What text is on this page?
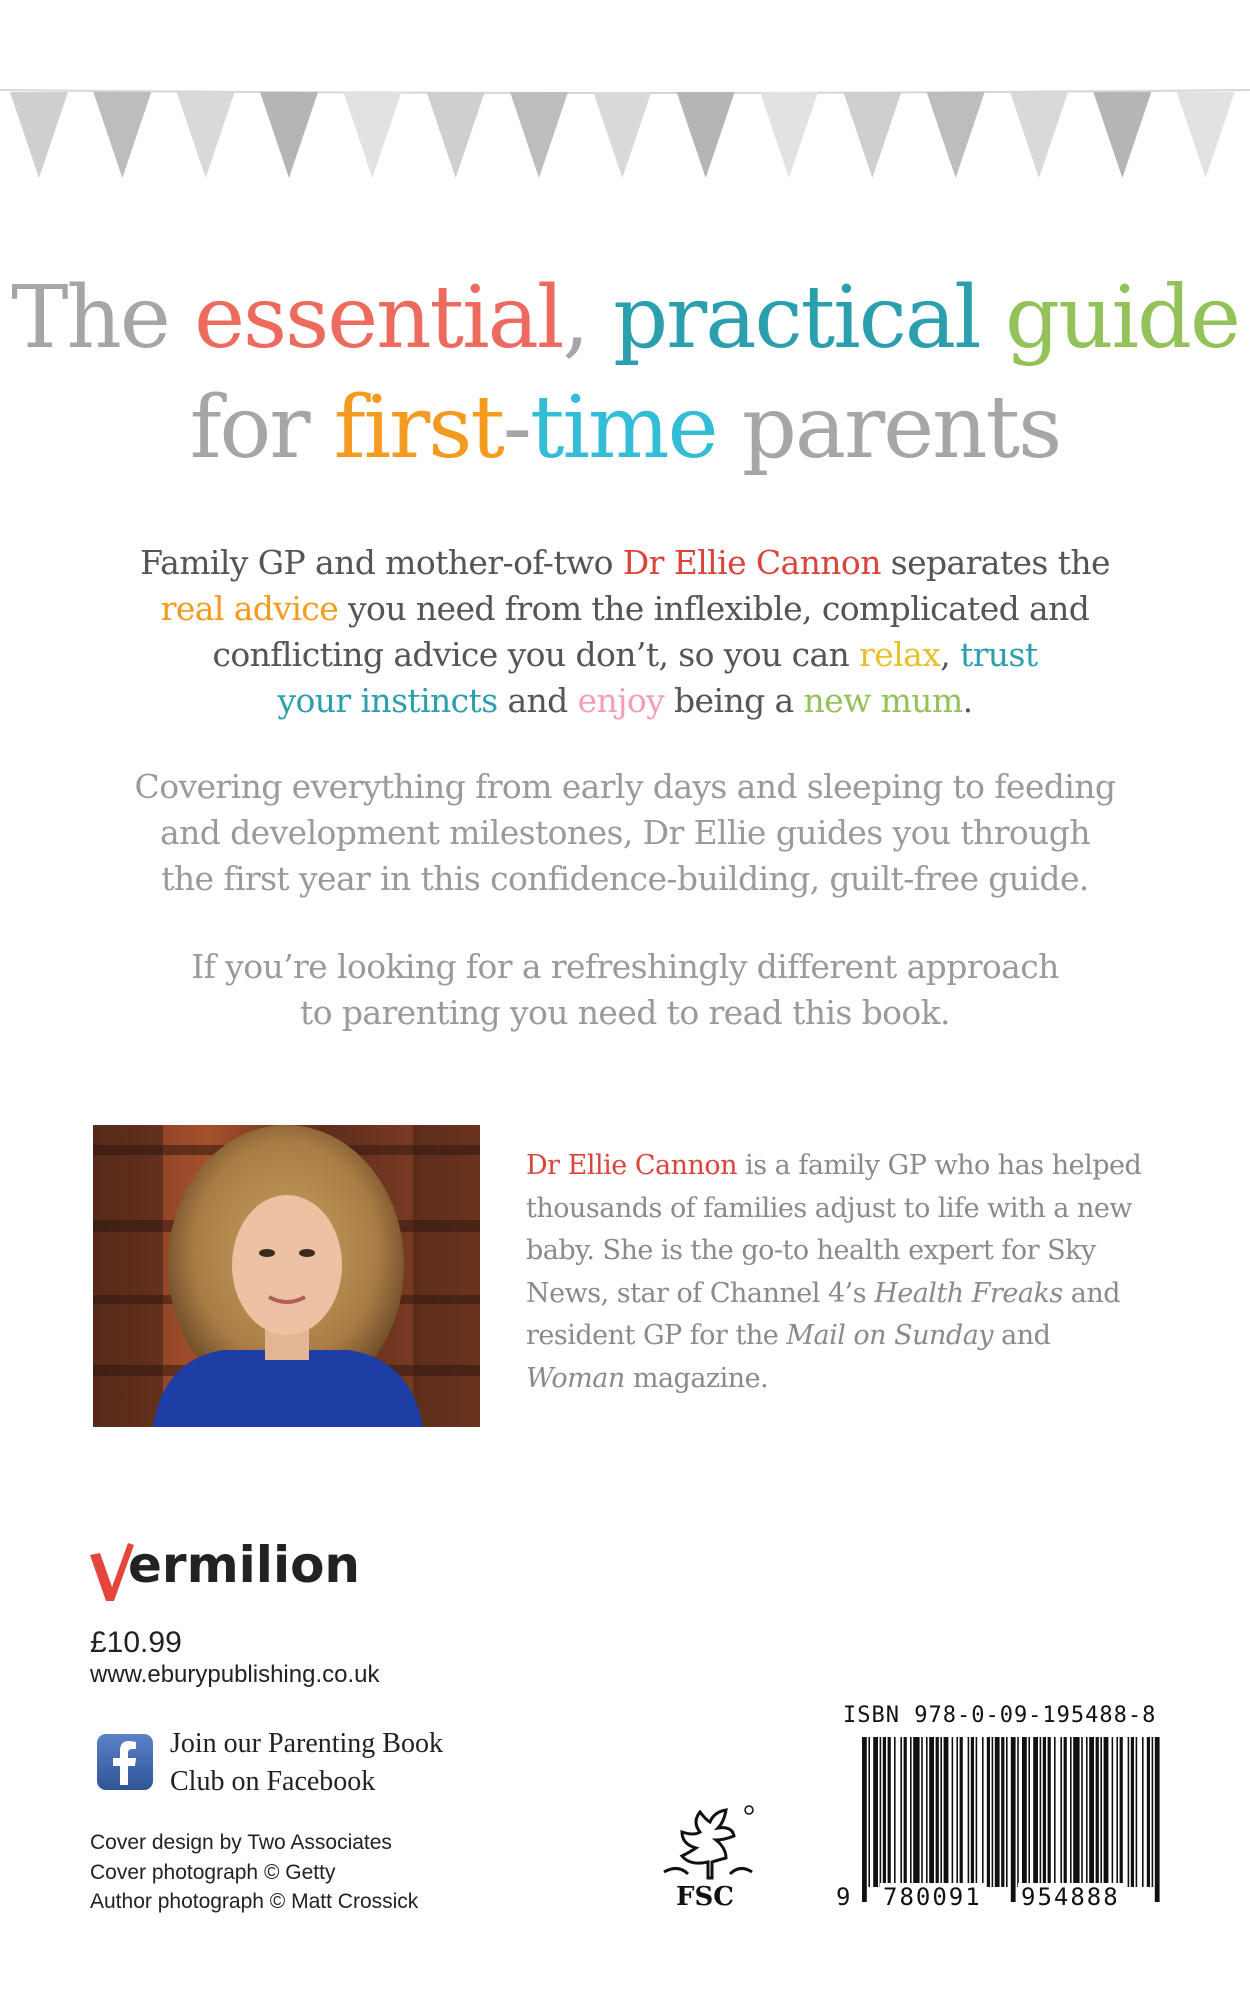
The essential, practical guide
for first-time parents
Family GP and mother-of-two Dr Ellie Cannon separates the
real advice you need from the inflexible, complicated and
conflicting advice you don’t, so you can relax, trust
your instincts and enjoy being a new mum.
Covering everything from early days and sleeping to feeding
and development milestones, Dr Ellie guides you through
the first year in this confidence-building, guilt-free guide.
If you’re looking for a refreshingly different approach
to parenting you need to read this book.
Dr Ellie Cannon is a family GP who has helped
thousands of families adjust to life with a new
baby. She is the go-to health expert for Sky
News, star of Channel 4’s Health Freaks and
resident GP for the Mail on Sunday and
Woman magazine.
ermilion
£10.99
www.eburypublishing.co.uk
Join our Parenting Book
Club on Facebook
Cover design by Two Associates
Cover photograph © Getty
Author photograph © Matt Crossick	FSC
ISBN 978-0-09-195488-8
9 780091 954888
